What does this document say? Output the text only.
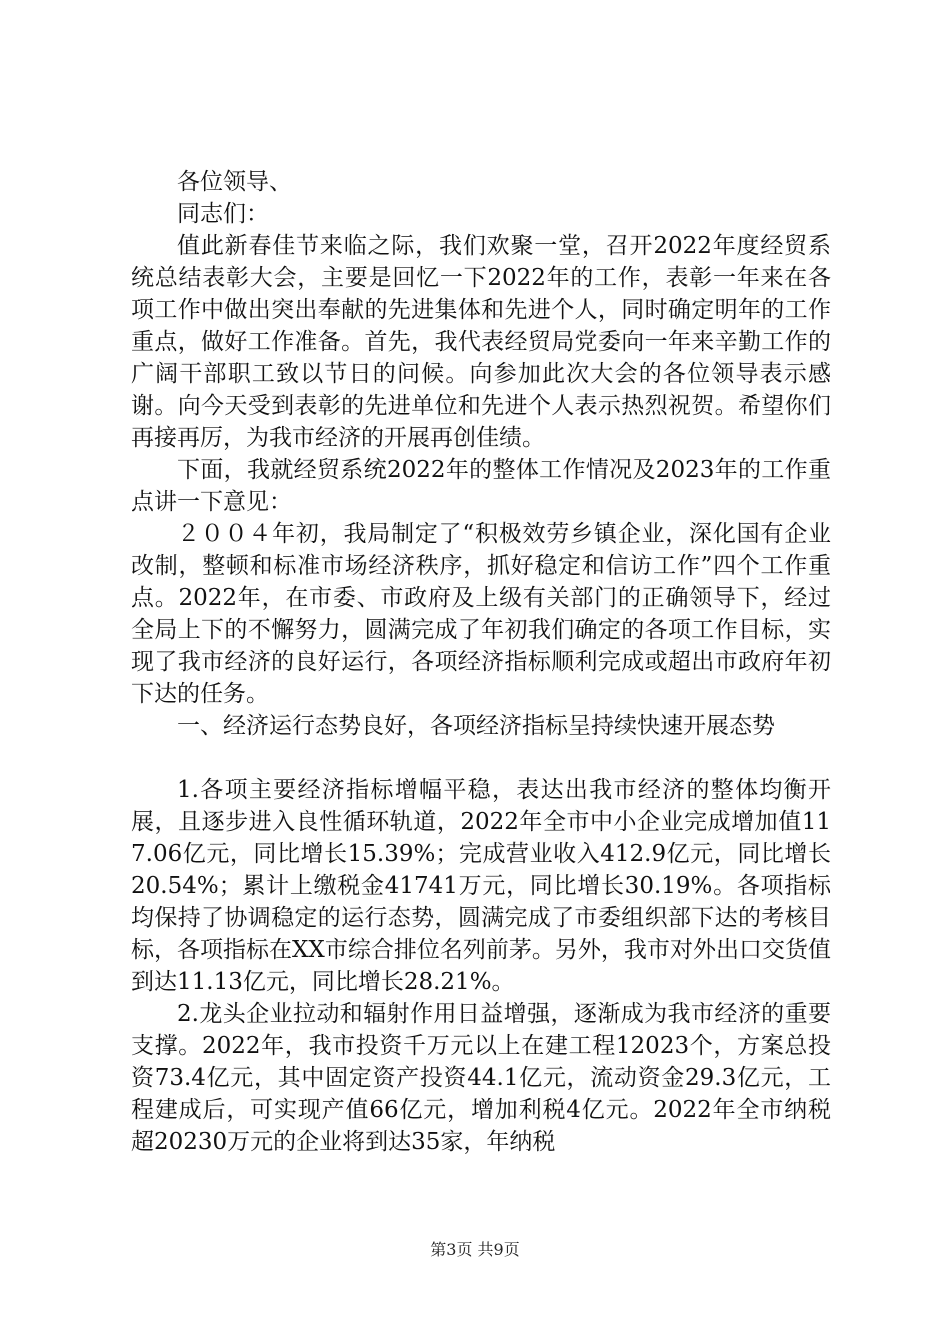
各位领导、

同志们：

值此新春佳节来临之际，我们欢聚一堂，召开2022年度经贸系统总结表彰大会，主要是回忆一下2022年的工作，表彰一年来在各项工作中做出突出奉献的先进集体和先进个人，同时确定明年的工作重点，做好工作准备。首先，我代表经贸局党委向一年来辛勤工作的广阔干部职工致以节日的问候。向参加此次大会的各位领导表示感谢。向今天受到表彰的先进单位和先进个人表示热烈祝贺。希望你们再接再厉，为我市经济的开展再创佳绩。

下面，我就经贸系统2022年的整体工作情况及2023年的工作重点讲一下意见：

２００４年初，我局制定了“积极效劳乡镇企业，深化国有企业改制，整顿和标准市场经济秩序，抓好稳定和信访工作”四个工作重点。2022年，在市委、市政府及上级有关部门的正确领导下，经过全局上下的不懈努力，圆满完成了年初我们确定的各项工作目标，实现了我市经济的良好运行，各项经济指标顺利完成或超出市政府年初下达的任务。

一、经济运行态势良好，各项经济指标呈持续快速开展态势

1.各项主要经济指标增幅平稳，表达出我市经济的整体均衡开展，且逐步进入良性循环轨道，2022年全市中小企业完成增加值117.06亿元，同比增长15.39%；完成营业收入412.9亿元，同比增长20.54%；累计上缴税金41741万元，同比增长30.19%。各项指标均保持了协调稳定的运行态势，圆满完成了市委组织部下达的考核目标，各项指标在XX市综合排位名列前茅。另外，我市对外出口交货值到达11.13亿元，同比增长28.21%。

2.龙头企业拉动和辐射作用日益增强，逐渐成为我市经济的重要支撑。2022年，我市投资千万元以上在建工程12023个，方案总投资73.4亿元，其中固定资产投资44.1亿元，流动资金29.3亿元，工程建成后，可实现产值66亿元，增加利税4亿元。2022年全市纳税超20230万元的企业将到达35家，年纳税

第3页 共9页
